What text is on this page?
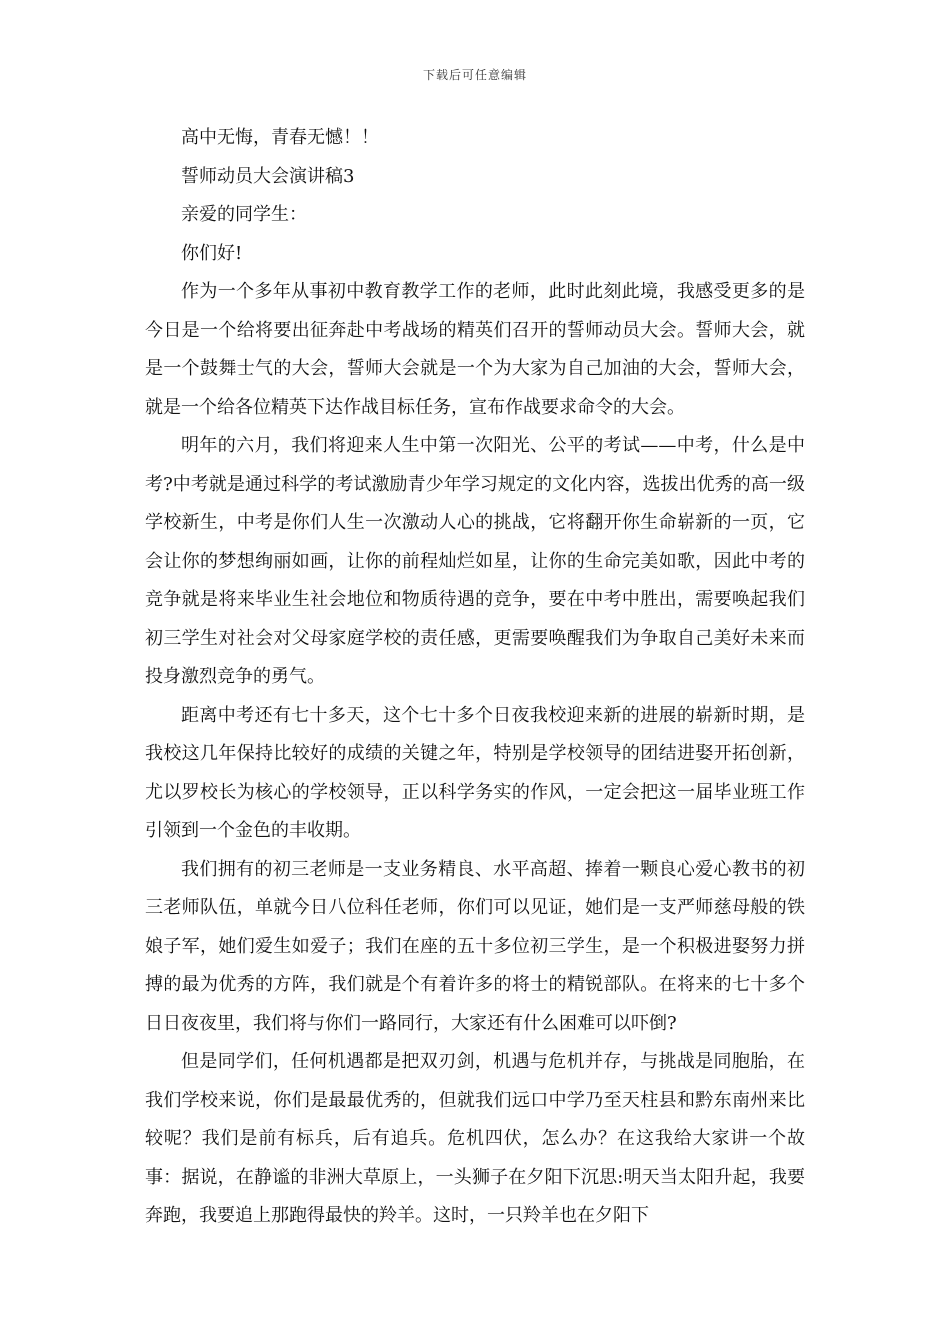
下载后可任意编辑
高中无悔，青春无憾！！
誓师动员大会演讲稿3
亲爱的同学生：
你们好!

作为一个多年从事初中教育教学工作的老师，此时此刻此境，我感受更多的是今日是一个给将要出征奔赴中考战场的精英们召开的誓师动员大会。誓师大会，就是一个鼓舞士气的大会，誓师大会就是一个为大家为自己加油的大会，誓师大会，就是一个给各位精英下达作战目标任务，宣布作战要求命令的大会。

明年的六月，我们将迎来人生中第一次阳光、公平的考试——中考，什么是中考?中考就是通过科学的考试激励青少年学习规定的文化内容，选拔出优秀的高一级学校新生，中考是你们人生一次激动人心的挑战，它将翻开你生命崭新的一页，它会让你的梦想绚丽如画，让你的前程灿烂如星，让你的生命完美如歌，因此中考的竞争就是将来毕业生社会地位和物质待遇的竞争，要在中考中胜出，需要唤起我们初三学生对社会对父母家庭学校的责任感，更需要唤醒我们为争取自己美好未来而投身激烈竞争的勇气。

距离中考还有七十多天，这个七十多个日夜我校迎来新的进展的崭新时期，是我校这几年保持比较好的成绩的关键之年，特别是学校领导的团结进娶开拓创新，尤以罗校长为核心的学校领导，正以科学务实的作风，一定会把这一届毕业班工作引领到一个金色的丰收期。

我们拥有的初三老师是一支业务精良、水平高超、捧着一颗良心爱心教书的初三老师队伍，单就今日八位科任老师，你们可以见证，她们是一支严师慈母般的铁娘子军，她们爱生如爱子；我们在座的五十多位初三学生，是一个积极进娶努力拼搏的最为优秀的方阵，我们就是个有着许多的将士的精锐部队。在将来的七十多个日日夜夜里，我们将与你们一路同行，大家还有什么困难可以吓倒?

但是同学们，任何机遇都是把双刃剑，机遇与危机并存，与挑战是同胞胎，在我们学校来说，你们是最最优秀的，但就我们远口中学乃至天柱县和黔东南州来比较呢？我们是前有标兵，后有追兵。危机四伏，怎么办？在这我给大家讲一个故事：据说，在静谧的非洲大草原上，一头狮子在夕阳下沉思:明天当太阳升起，我要奔跑，我要追上那跑得最快的羚羊。这时，一只羚羊也在夕阳下
